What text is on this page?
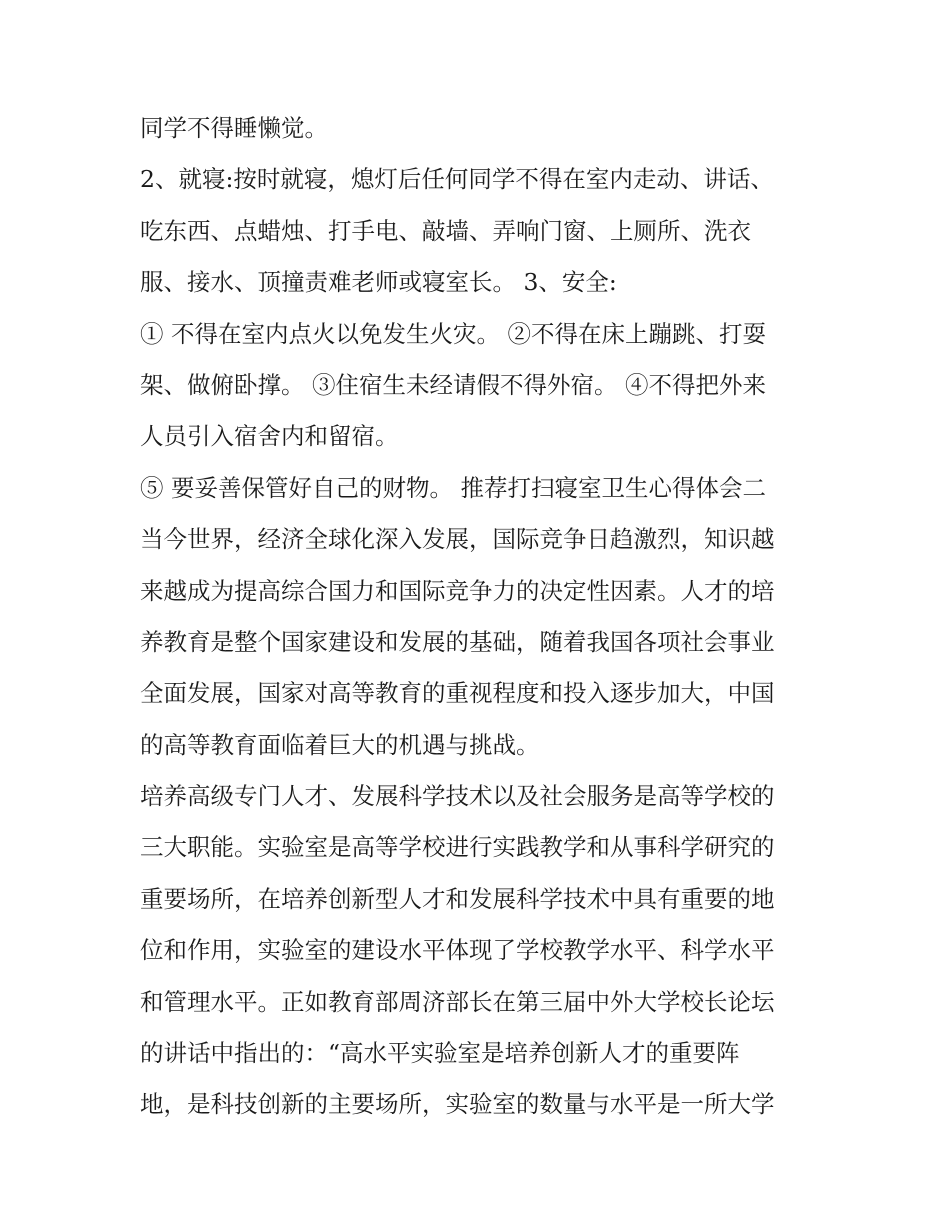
同学不得睡懒觉。
2、就寝:按时就寝，熄灯后任何同学不得在室内走动、讲话、
吃东西、点蜡烛、打手电、敲墙、弄响门窗、上厕所、洗衣
服、接水、顶撞责难老师或寝室长。 3、安全:
① 不得在室内点火以免发生火灾。 ②不得在床上蹦跳、打耍
架、做俯卧撑。 ③住宿生未经请假不得外宿。 ④不得把外来
人员引入宿舍内和留宿。
⑤ 要妥善保管好自己的财物。 推荐打扫寝室卫生心得体会二
当今世界，经济全球化深入发展，国际竞争日趋激烈，知识越
来越成为提高综合国力和国际竞争力的决定性因素。人才的培
养教育是整个国家建设和发展的基础，随着我国各项社会事业
全面发展，国家对高等教育的重视程度和投入逐步加大，中国
的高等教育面临着巨大的机遇与挑战。
培养高级专门人才、发展科学技术以及社会服务是高等学校的
三大职能。实验室是高等学校进行实践教学和从事科学研究的
重要场所，在培养创新型人才和发展科学技术中具有重要的地
位和作用，实验室的建设水平体现了学校教学水平、科学水平
和管理水平。正如教育部周济部长在第三届中外大学校长论坛
的讲话中指出的：“高水平实验室是培养创新人才的重要阵
地，是科技创新的主要场所，实验室的数量与水平是一所大学
